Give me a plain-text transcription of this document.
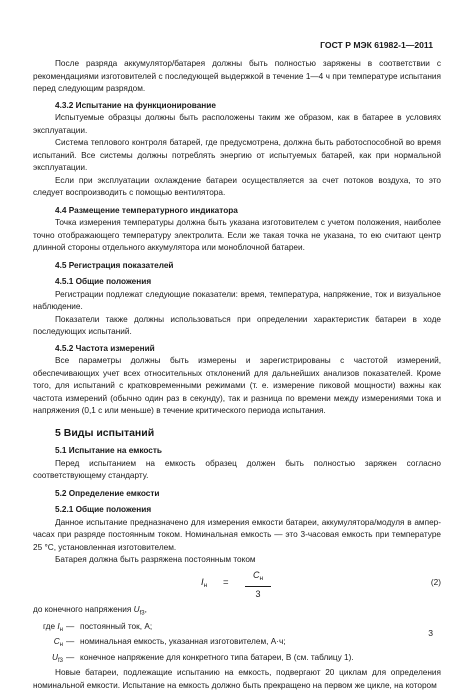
ГОСТ Р МЭК 61982-1—2011

После разряда аккумулятор/батарея должны быть полностью заряжены в соответствии с рекомендациями изготовителей с последующей выдержкой в течение 1—4 ч при температуре испытания перед следующим разрядом.

4.3.2 Испытание на функционирование

Испытуемые образцы должны быть расположены таким же образом, как в батарее в условиях эксплуатации.

Система теплового контроля батарей, где предусмотрена, должна быть работоспособной во время испытаний. Все системы должны потреблять энергию от испытуемых батарей, как при нормальной эксплуатации.

Если при эксплуатации охлаждение батареи осуществляется за счет потоков воздуха, то это следует воспроизводить с помощью вентилятора.

4.4 Размещение температурного индикатора

Точка измерения температуры должна быть указана изготовителем с учетом положения, наиболее точно отображающего температуру электролита. Если же такая точка не указана, то ею считают центр длинной стороны отдельного аккумулятора или моноблочной батареи.

4.5 Регистрация показателей

4.5.1 Общие положения

Регистрации подлежат следующие показатели: время, температура, напряжение, ток и визуальное наблюдение.

Показатели также должны использоваться при определении характеристик батареи в ходе последующих испытаний.

4.5.2 Частота измерений

Все параметры должны быть измерены и зарегистрированы с частотой измерений, обеспечивающих учет всех относительных отклонений для дальнейших анализов показателей. Кроме того, для испытаний с кратковременными режимами (т. е. измерение пиковой мощности) важны как частота измерений (обычно один раз в секунду), так и разница по времени между измерениями тока и напряжения (0,1 с или меньше) в течение критического периода испытания.

5 Виды испытаний

5.1 Испытание на емкость

Перед испытанием на емкость образец должен быть полностью заряжен согласно соответствующему стандарту.

5.2 Определение емкости

5.2.1 Общие положения

Данное испытание предназначено для измерения емкости батареи, аккумулятора/модуля в ампер-часах при разряде постоянным током. Номинальная емкость — это 3-часовая емкость при температуре 25 °С, установленная изготовителем.

Батарея должна быть разряжена постоянным током

$I_н$ =
$C_н$
3
(2)

до конечного напряжения $U_{f3}$,

где $I_н$ — постоянный ток, А;
$C_н$ — номинальная емкость, указанная изготовителем, А·ч;
$U_{f3}$ — конечное напряжение для конкретного типа батареи, В (см. таблицу 1).

Новые батареи, подлежащие испытанию на емкость, подвергают 20 циклам для определения номинальной емкости. Испытание на емкость должно быть прекращено на первом же цикле, на котором

3
